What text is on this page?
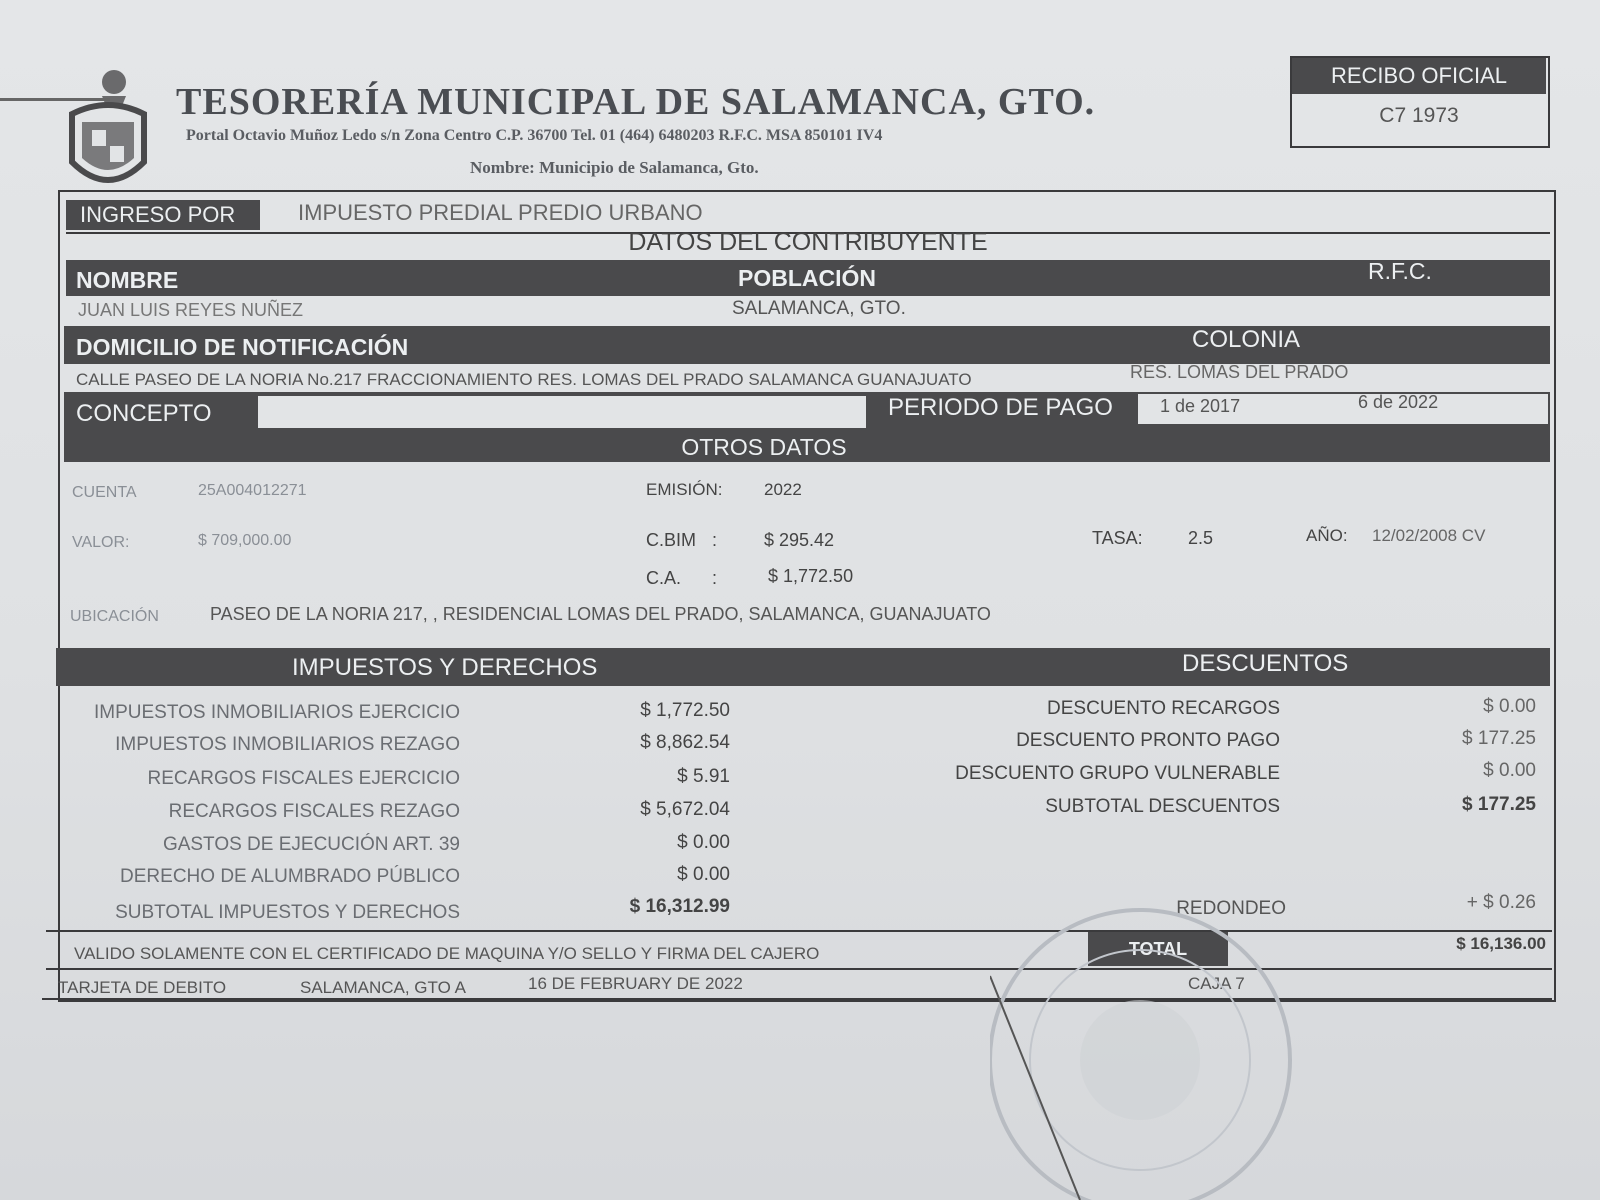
TESORERÍA MUNICIPAL DE SALAMANCA, GTO.
Portal Octavio Muñoz Ledo s/n Zona Centro C.P. 36700 Tel. 01 (464) 6480203 R.F.C. MSA 850101 IV4
Nombre: Municipio de Salamanca, Gto.
RECIBO OFICIAL
C7 1973
INGRESO POR	IMPUESTO PREDIAL PREDIO URBANO
DATOS DEL CONTRIBUYENTE
NOMBRE	POBLACIÓN	R.F.C.
JUAN LUIS REYES NUÑEZ	SALAMANCA, GTO.
DOMICILIO DE NOTIFICACIÓN	COLONIA
CALLE PASEO DE LA NORIA No.217 FRACCIONAMIENTO RES. LOMAS DEL PRADO SALAMANCA GUANAJUATO	RES. LOMAS DEL PRADO
CONCEPTO	PERIODO DE PAGO	1 de 2017	6 de 2022
OTROS DATOS
CUENTA	25A004012271	EMISIÓN: 2022
VALOR:	$ 709,000.00	C.BIM :	$ 295.42	TASA:	2.5	AÑO: 12/02/2008 CV
C.A. :	$ 1,772.50
UBICACIÓN	PASEO DE LA NORIA 217, , RESIDENCIAL LOMAS DEL PRADO, SALAMANCA, GUANAJUATO
IMPUESTOS Y DERECHOS	DESCUENTOS
IMPUESTOS INMOBILIARIOS EJERCICIO	$ 1,772.50
IMPUESTOS INMOBILIARIOS REZAGO	$ 8,862.54
RECARGOS FISCALES EJERCICIO	$ 5.91
RECARGOS FISCALES REZAGO	$ 5,672.04
GASTOS DE EJECUCIÓN ART. 39	$ 0.00
DERECHO DE ALUMBRADO PÚBLICO	$ 0.00
SUBTOTAL IMPUESTOS Y DERECHOS	$ 16,312.99
DESCUENTO RECARGOS	$ 0.00
DESCUENTO PRONTO PAGO	$ 177.25
DESCUENTO GRUPO VULNERABLE	$ 0.00
SUBTOTAL DESCUENTOS	$ 177.25
REDONDEO	+ $ 0.26
VALIDO SOLAMENTE CON EL CERTIFICADO DE MAQUINA Y/O SELLO Y FIRMA DEL CAJERO	TOTAL	$ 16,136.00
TARJETA DE DEBITO	SALAMANCA, GTO A	16 DE FEBRUARY DE 2022	CAJA 7
